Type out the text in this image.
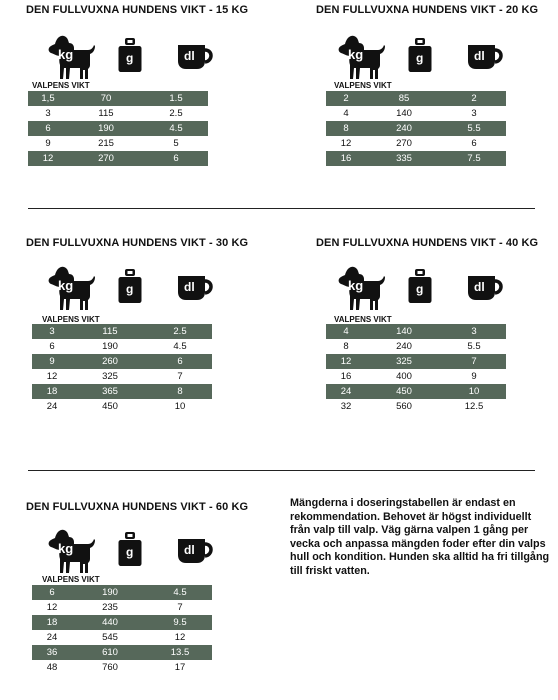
DEN FULLVUXNA HUNDENS VIKT - 15 KG
kg	g	dl
VALPENS VIKT
1,5	70	1.5
3	115	2.5
6	190	4.5
9	215	5
12	270	6
DEN FULLVUXNA HUNDENS VIKT - 20 KG
kg	g	dl
VALPENS VIKT
2	85	2
4	140	3
8	240	5.5
12	270	6
16	335	7.5
DEN FULLVUXNA HUNDENS VIKT - 30 KG
kg	g	dl
VALPENS VIKT
3	115	2.5
6	190	4.5
9	260	6
12	325	7
18	365	8
24	450	10
DEN FULLVUXNA HUNDENS VIKT - 40 KG
kg	g	dl
VALPENS VIKT
4	140	3
8	240	5.5
12	325	7
16	400	9
24	450	10
32	560	12.5
DEN FULLVUXNA HUNDENS VIKT - 60 KG
kg	g	dl
VALPENS VIKT
6	190	4.5
12	235	7
18	440	9.5
24	545	12
36	610	13.5
48	760	17
Mängderna i doseringstabellen är endast en rekommendation. Behovet är högst individuellt från valp till valp. Väg gärna valpen 1 gång per vecka och anpassa mängden foder efter din valps hull och kondition. Hunden ska alltid ha fri tillgång till friskt vatten.
